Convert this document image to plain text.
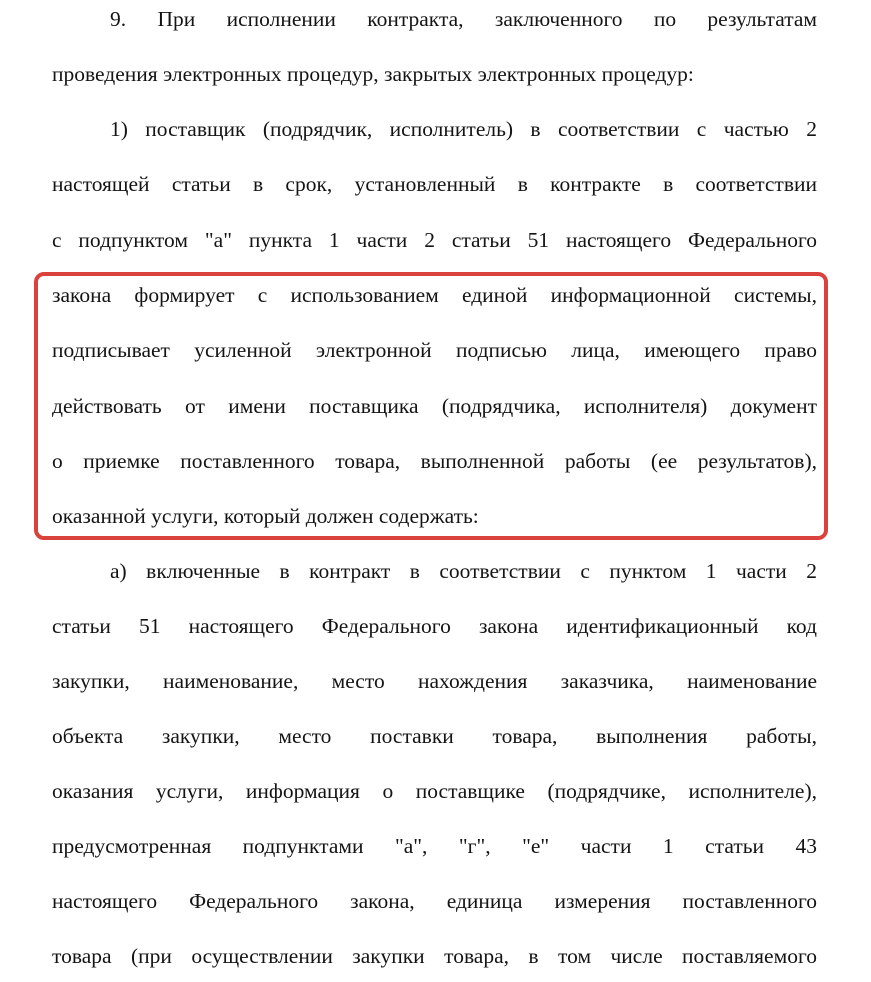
9. При исполнении контракта, заключенного по результатам
проведения электронных процедур, закрытых электронных процедур:
1) поставщик (подрядчик, исполнитель) в соответствии с частью 2
настоящей статьи в срок, установленный в контракте в соответствии
с подпунктом "а" пункта 1 части 2 статьи 51 настоящего Федерального
закона формирует с использованием единой информационной системы,
подписывает усиленной электронной подписью лица, имеющего право
действовать от имени поставщика (подрядчика, исполнителя) документ
о приемке поставленного товара, выполненной работы (ее результатов),
оказанной услуги, который должен содержать:
а) включенные в контракт в соответствии с пунктом 1 части 2
статьи 51 настоящего Федерального закона идентификационный код
закупки, наименование, место нахождения заказчика, наименование
объекта закупки, место поставки товара, выполнения работы,
оказания услуги, информация о поставщике (подрядчике, исполнителе),
предусмотренная подпунктами "а", "г", "е" части 1 статьи 43
настоящего Федерального закона, единица измерения поставленного
товара (при осуществлении закупки товара, в том числе поставляемого
